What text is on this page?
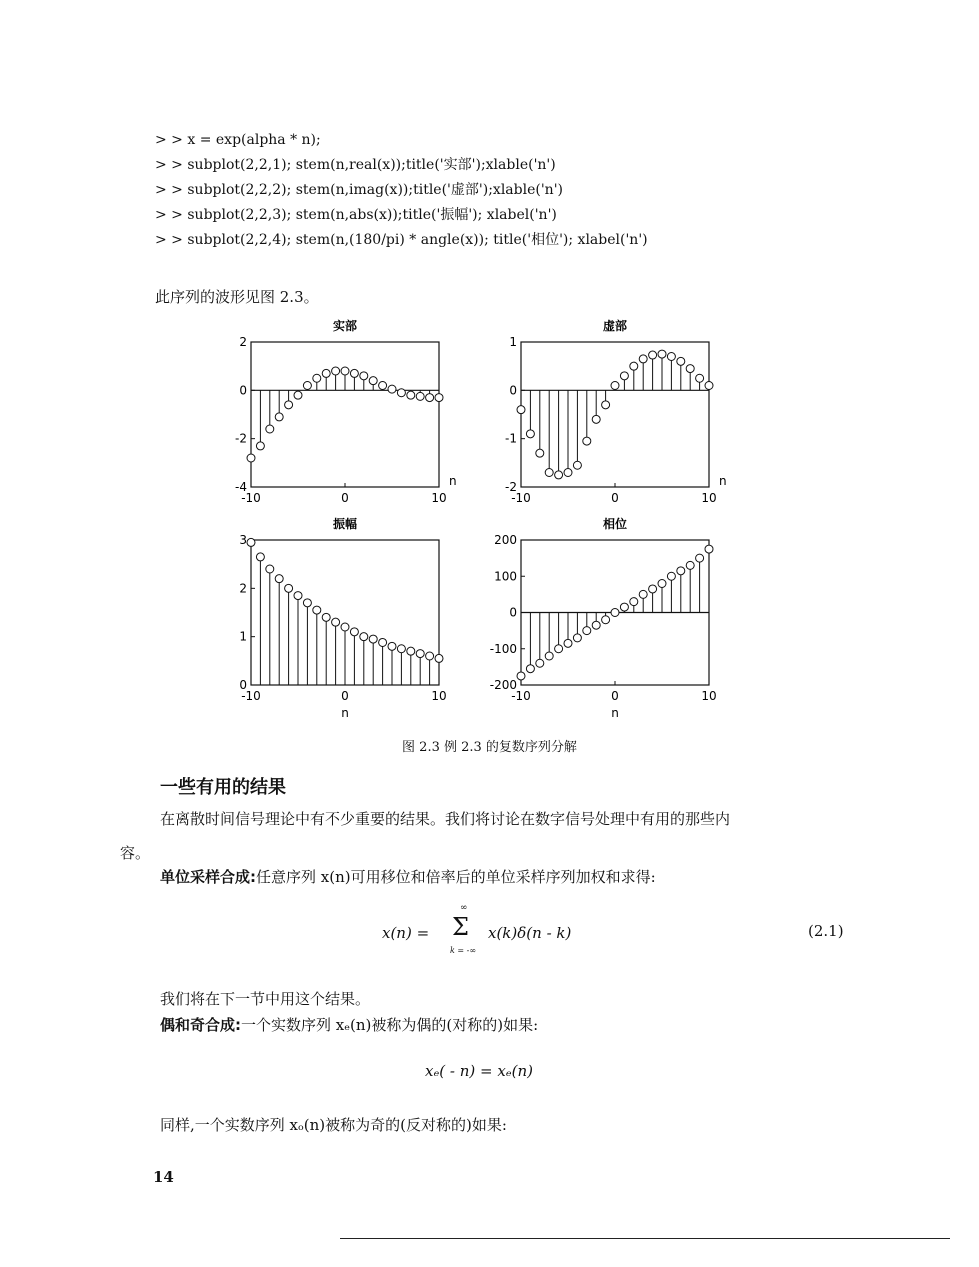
> > x = exp(alpha * n);
> > subplot(2,2,1); stem(n,real(x));title('实部');xlable('n')
> > subplot(2,2,2); stem(n,imag(x));title('虚部');xlable('n')
> > subplot(2,2,3); stem(n,abs(x));title('振幅'); xlabel('n')
> > subplot(2,2,4); stem(n,(180/pi) * angle(x)); title('相位'); xlabel('n')
此序列的波形见图 2.3。
实部
-4
-2
0
2
-10	0	10
n
虚部
-2
-1
0
1
-10	0	10
n
振幅
0
1
2
3
-10	0	10
n
相位
-200
-100
0
100
200
-10	0	10
n
图 2.3 例 2.3 的复数序列分解
一些有用的结果
在离散时间信号理论中有不少重要的结果。我们将讨论在数字信号处理中有用的那些内
容。
单位采样合成:任意序列 x(n)可用移位和倍率后的单位采样序列加权和求得:
x(n) =
∞
Σ
k = -∞
x(k)δ(n - k)	(2.1)
我们将在下一节中用这个结果。
偶和奇合成:一个实数序列 xₑ(n)被称为偶的(对称的)如果:
xₑ( - n) = xₑ(n)
同样,一个实数序列 xₒ(n)被称为奇的(反对称的)如果:
14
